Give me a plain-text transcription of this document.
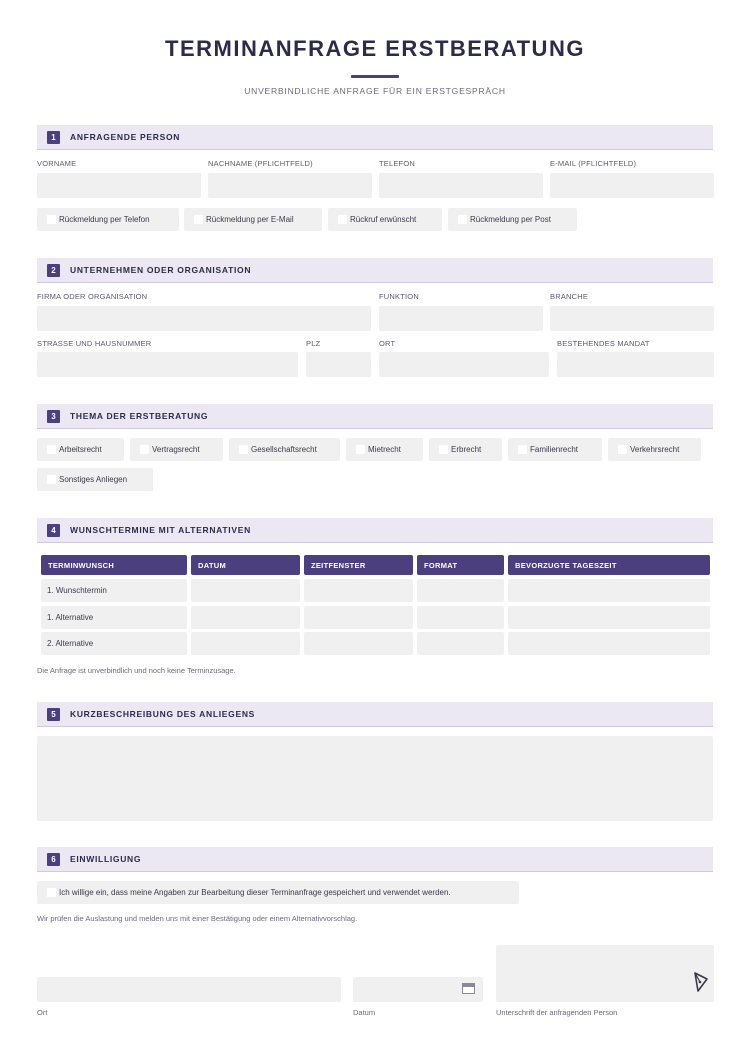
TERMINANFRAGE ERSTBERATUNG
UNVERBINDLICHE ANFRAGE FÜR EIN ERSTGESPRÄCH
1	ANFRAGENDE PERSON
VORNAME	NACHNAME (PFLICHTFELD)	TELEFON	E-MAIL (PFLICHTFELD)
Rückmeldung per Telefon	Rückmeldung per E-Mail	Rückruf erwünscht	Rückmeldung per Post
2	UNTERNEHMEN ODER ORGANISATION
FIRMA ODER ORGANISATION	FUNKTION	BRANCHE
STRASSE UND HAUSNUMMER	PLZ	ORT	BESTEHENDES MANDAT
3	THEMA DER ERSTBERATUNG
Arbeitsrecht	Vertragsrecht	Gesellschaftsrecht	Mietrecht	Erbrecht	Familienrecht	Verkehrsrecht
Sonstiges Anliegen
4	WUNSCHTERMINE MIT ALTERNATIVEN
TERMINWUNSCH	DATUM	ZEITFENSTER	FORMAT	BEVORZUGTE TAGESZEIT
1. Wunschtermin
1. Alternative
2. Alternative
Die Anfrage ist unverbindlich und noch keine Terminzusage.
5	KURZBESCHREIBUNG DES ANLIEGENS
6	EINWILLIGUNG
Ich willige ein, dass meine Angaben zur Bearbeitung dieser Terminanfrage gespeichert und verwendet werden.
Wir prüfen die Auslastung und melden uns mit einer Bestätigung oder einem Alternativvorschlag.
Ort	Datum	Unterschrift der anfragenden Person
